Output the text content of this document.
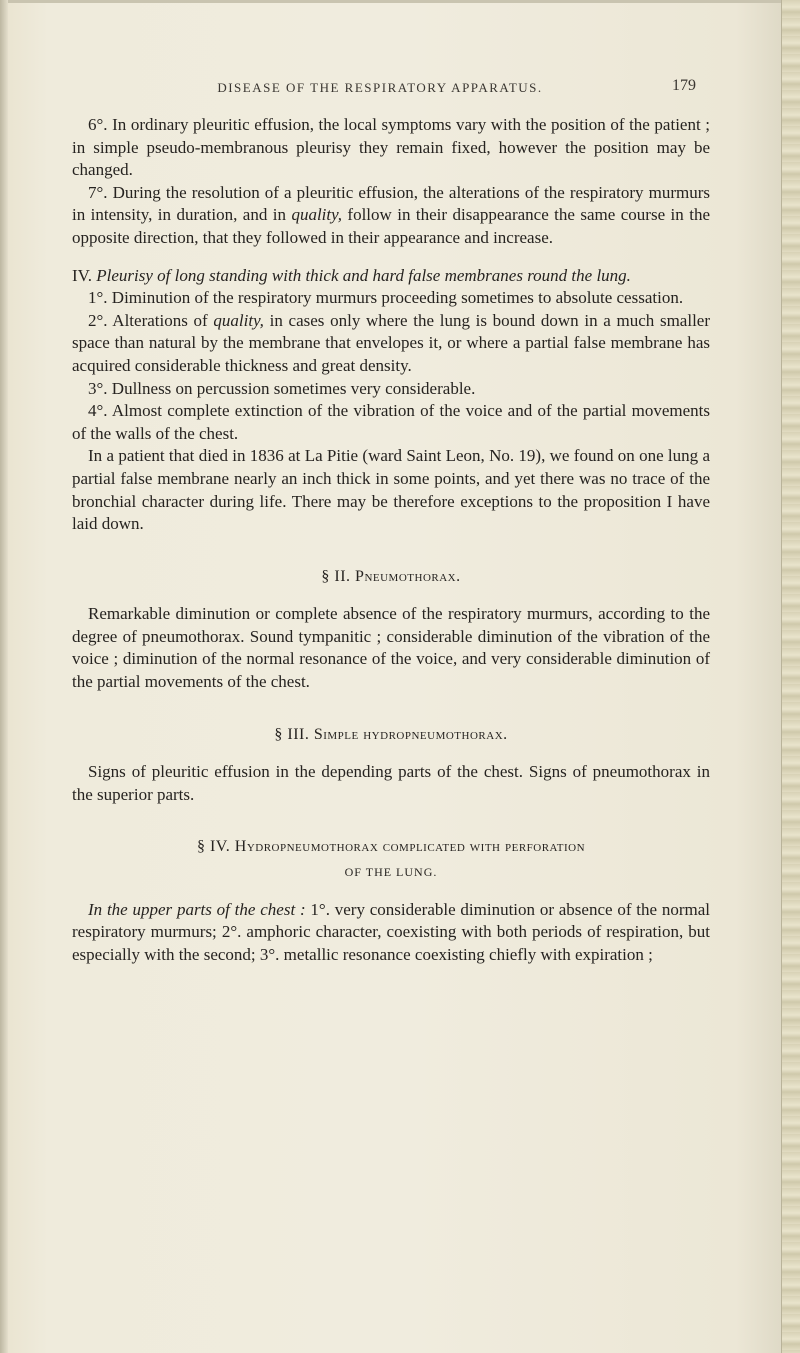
DISEASE OF THE RESPIRATORY APPARATUS.	179

6°. In ordinary pleuritic effusion, the local symptoms vary with the position of the patient ; in simple pseudo-membranous pleurisy they remain fixed, however the position may be changed.

7°. During the resolution of a pleuritic effusion, the alterations of the respiratory murmurs in intensity, in duration, and in quality, follow in their disappearance the same course in the opposite direction, that they followed in their appearance and increase.

IV. Pleurisy of long standing with thick and hard false membranes round the lung.

1°. Diminution of the respiratory murmurs proceeding sometimes to absolute cessation.

2°. Alterations of quality, in cases only where the lung is bound down in a much smaller space than natural by the membrane that envelopes it, or where a partial false membrane has acquired considerable thickness and great density.

3°. Dullness on percussion sometimes very considerable.

4°. Almost complete extinction of the vibration of the voice and of the partial movements of the walls of the chest.

In a patient that died in 1836 at La Pitie (ward Saint Leon, No. 19), we found on one lung a partial false membrane nearly an inch thick in some points, and yet there was no trace of the bronchial character during life. There may be therefore exceptions to the proposition I have laid down.

§ II. Pneumothorax.

Remarkable diminution or complete absence of the respiratory murmurs, according to the degree of pneumothorax. Sound tympanitic ; considerable diminution of the vibration of the voice ; diminution of the normal resonance of the voice, and very considerable diminution of the partial movements of the chest.

§ III. Simple hydropneumothorax.

Signs of pleuritic effusion in the depending parts of the chest. Signs of pneumothorax in the superior parts.

§ IV. Hydropneumothorax complicated with perforation
OF THE LUNG.

In the upper parts of the chest : 1°. very considerable diminution or absence of the normal respiratory murmurs; 2°. amphoric character, coexisting with both periods of respiration, but especially with the second; 3°. metallic resonance coexisting chiefly with expiration ;
